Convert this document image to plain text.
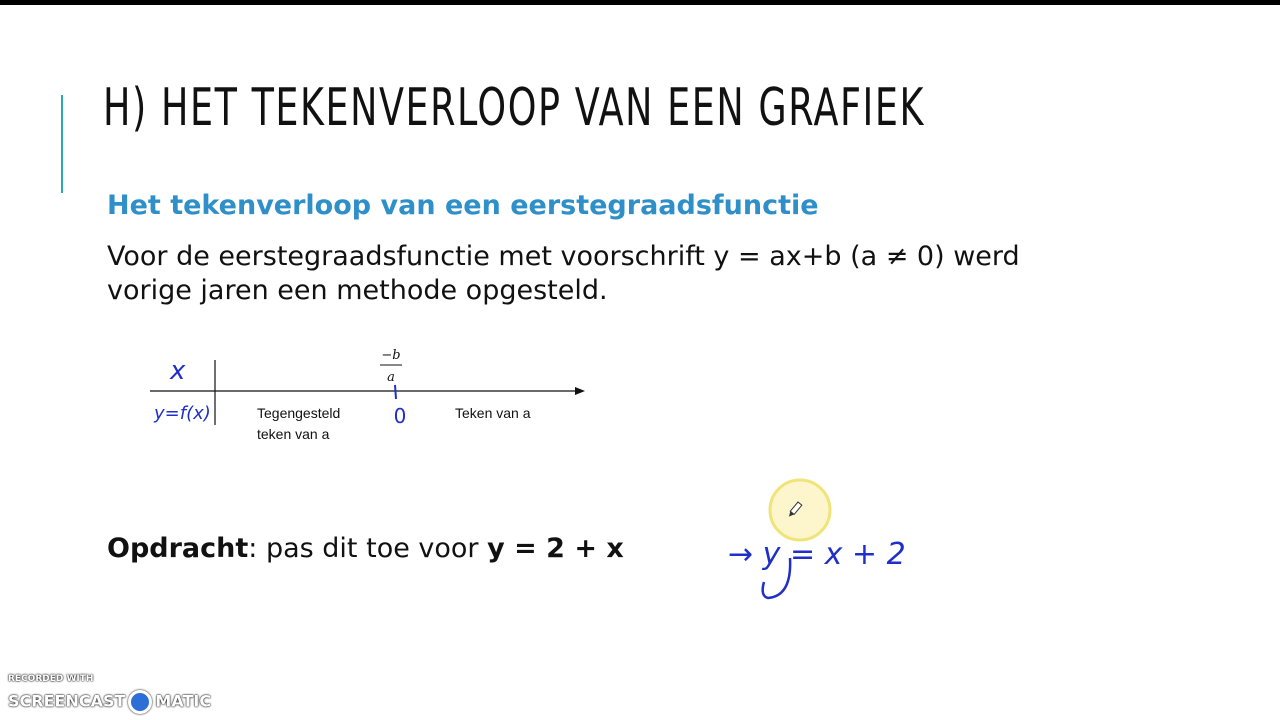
H) HET TEKENVERLOOP VAN EEN GRAFIEK
Het tekenverloop van een eerstegraadsfunctie
Voor de eerstegraadsfunctie met voorschrift y = ax+b (a ≠ 0) werd
vorige jaren een methode opgesteld.
x
y=f(x)
−b
a
0
Tegengesteld
teken van a
Teken van a
Opdracht: pas dit toe voor y = 2 + x	→ y = x + 2
RECORDED WITH
SCREENCAST MATIC
